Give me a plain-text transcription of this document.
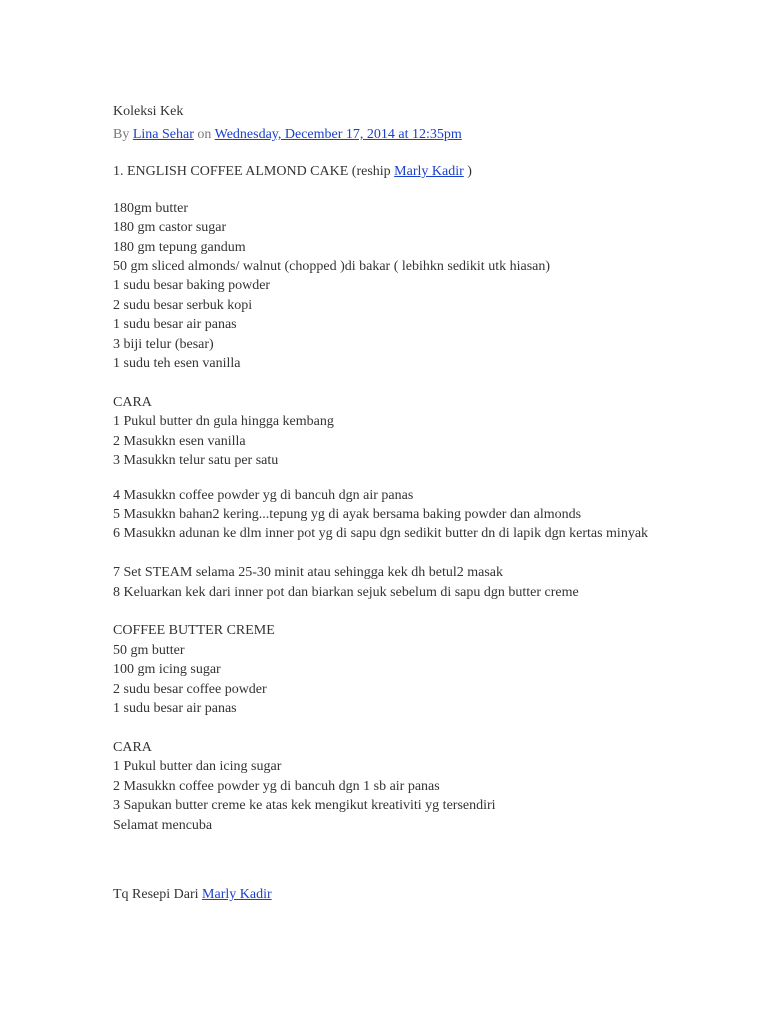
Koleksi Kek
By Lina Sehar on Wednesday, December 17, 2014 at 12:35pm
1. ENGLISH COFFEE ALMOND CAKE (reship Marly Kadir )
180gm butter
180 gm castor sugar
180 gm tepung gandum
50 gm sliced almonds/ walnut (chopped )di bakar ( lebihkn sedikit utk hiasan)
1 sudu besar baking powder
2 sudu besar serbuk kopi
1 sudu besar air panas
3 biji telur (besar)
1 sudu teh esen vanilla
CARA
1 Pukul butter dn gula hingga kembang
2 Masukkn esen vanilla
3 Masukkn telur satu per satu
4 Masukkn coffee powder yg di bancuh dgn air panas
5 Masukkn bahan2 kering...tepung yg di ayak bersama baking powder dan almonds
6 Masukkn adunan ke dlm inner pot yg di sapu dgn sedikit butter dn di lapik dgn kertas minyak
7 Set STEAM selama 25-30 minit atau sehingga kek dh betul2 masak
8 Keluarkan kek dari inner pot dan biarkan sejuk sebelum di sapu dgn butter creme
COFFEE BUTTER CREME
50 gm butter
100 gm icing sugar
2 sudu besar coffee powder
1 sudu besar air panas
CARA
1 Pukul butter dan icing sugar
2 Masukkn coffee powder yg di bancuh dgn 1 sb air panas
3 Sapukan butter creme ke atas kek mengikut kreativiti yg tersendiri
Selamat mencuba
Tq Resepi Dari Marly Kadir
